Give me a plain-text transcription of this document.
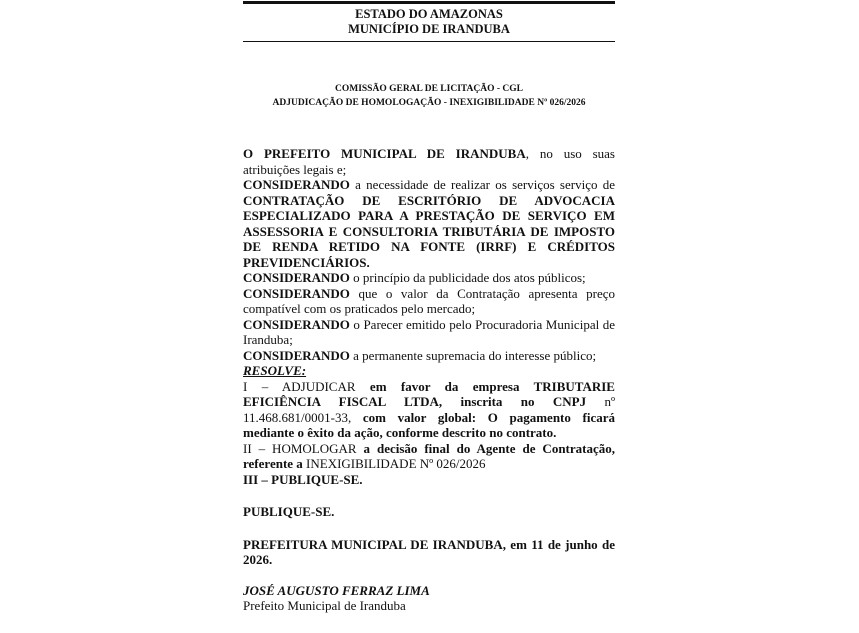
ESTADO DO AMAZONAS
MUNICÍPIO DE IRANDUBA
COMISSÃO GERAL DE LICITAÇÃO - CGL
ADJUDICAÇÃO DE HOMOLOGAÇÃO - INEXIGIBILIDADE Nº 026/2026

O PREFEITO MUNICIPAL DE IRANDUBA, no uso suas atribuições legais e;

CONSIDERANDO a necessidade de realizar os serviços serviço de CONTRATAÇÃO DE ESCRITÓRIO DE ADVOCACIA ESPECIALIZADO PARA A PRESTAÇÃO DE SERVIÇO EM ASSESSORIA E CONSULTORIA TRIBUTÁRIA DE IMPOSTO DE RENDA RETIDO NA FONTE (IRRF) E CRÉDITOS PREVIDENCIÁRIOS.

CONSIDERANDO o princípio da publicidade dos atos públicos;

CONSIDERANDO que o valor da Contratação apresenta preço compatível com os praticados pelo mercado;

CONSIDERANDO o Parecer emitido pelo Procuradoria Municipal de Iranduba;

CONSIDERANDO a permanente supremacia do interesse público;

RESOLVE:

I – ADJUDICAR em favor da empresa TRIBUTARIE EFICIÊNCIA FISCAL LTDA, inscrita no CNPJ nº 11.468.681/0001-33, com valor global: O pagamento ficará mediante o êxito da ação, conforme descrito no contrato.

II – HOMOLOGAR a decisão final do Agente de Contratação, referente a INEXIGIBILIDADE Nº 026/2026

III – PUBLIQUE-SE.

PUBLIQUE-SE.

PREFEITURA MUNICIPAL DE IRANDUBA, em 11 de junho de 2026.

JOSÉ AUGUSTO FERRAZ LIMA

Prefeito Municipal de Iranduba
